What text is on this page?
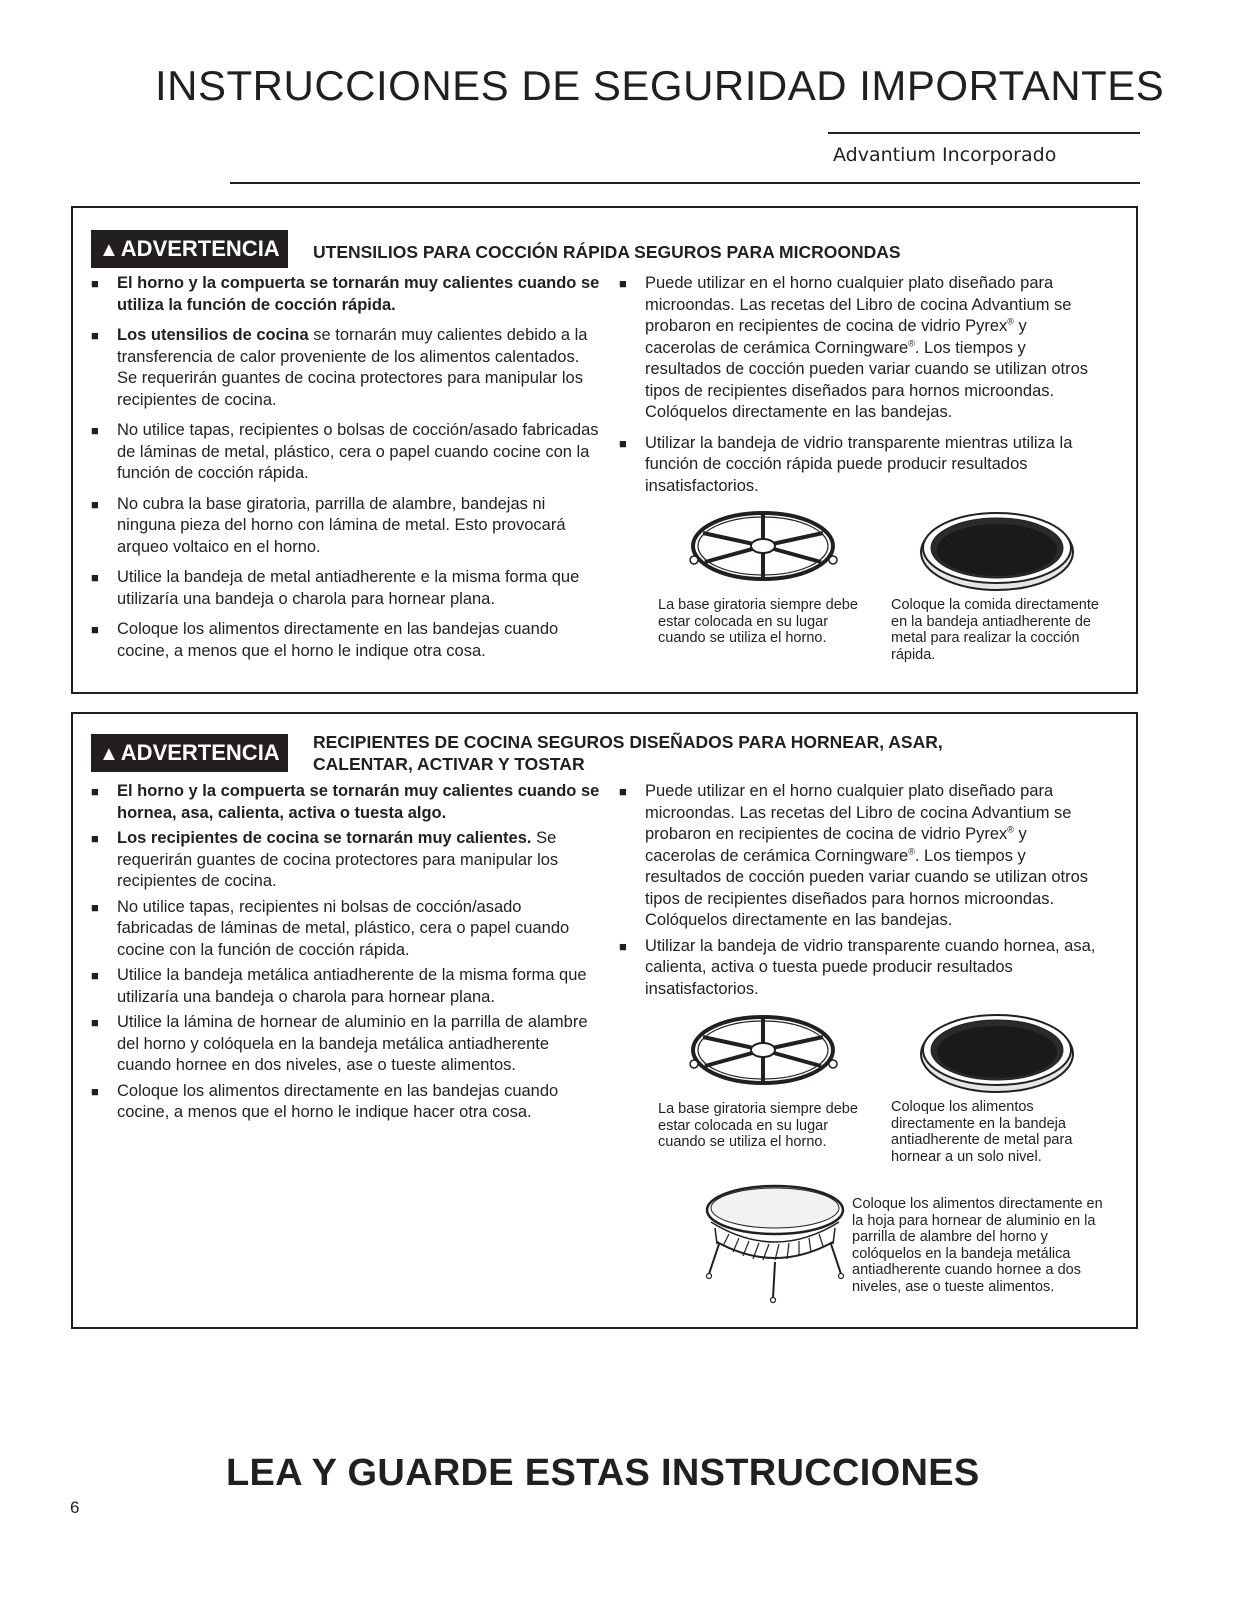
INSTRUCCIONES DE SEGURIDAD IMPORTANTES
Advantium Incorporado
▲ADVERTENCIA	UTENSILIOS PARA COCCIÓN RÁPIDA SEGUROS PARA MICROONDAS
■ El horno y la compuerta se tornarán muy calientes cuando se utiliza la función de cocción rápida.
■ Los utensilios de cocina se tornarán muy calientes debido a la transferencia de calor proveniente de los alimentos calentados. Se requerirán guantes de cocina protectores para manipular los recipientes de cocina.
■ No utilice tapas, recipientes o bolsas de cocción/asado fabricadas de láminas de metal, plástico, cera o papel cuando cocine con la función de cocción rápida.
■ No cubra la base giratoria, parrilla de alambre, bandejas ni ninguna pieza del horno con lámina de metal. Esto provocará arqueo voltaico en el horno.
■ Utilice la bandeja de metal antiadherente e la misma forma que utilizaría una bandeja o charola para hornear plana.
■ Coloque los alimentos directamente en las bandejas cuando cocine, a menos que el horno le indique otra cosa.
■ Puede utilizar en el horno cualquier plato diseñado para microondas. Las recetas del Libro de cocina Advantium se probaron en recipientes de cocina de vidrio Pyrex® y cacerolas de cerámica Corningware®. Los tiempos y resultados de cocción pueden variar cuando se utilizan otros tipos de recipientes diseñados para hornos microondas. Colóquelos directamente en las bandejas.
■ Utilizar la bandeja de vidrio transparente mientras utiliza la función de cocción rápida puede producir resultados insatisfactorios.
La base giratoria siempre debe estar colocada en su lugar cuando se utiliza el horno.
Coloque la comida directamente en la bandeja antiadherente de metal para realizar la cocción rápida.
▲ADVERTENCIA	RECIPIENTES DE COCINA SEGUROS DISEÑADOS PARA HORNEAR, ASAR,
CALENTAR, ACTIVAR Y TOSTAR
■ El horno y la compuerta se tornarán muy calientes cuando se hornea, asa, calienta, activa o tuesta algo.
■ Los recipientes de cocina se tornarán muy calientes. Se requerirán guantes de cocina protectores para manipular los recipientes de cocina.
■ No utilice tapas, recipientes ni bolsas de cocción/asado fabricadas de láminas de metal, plástico, cera o papel cuando cocine con la función de cocción rápida.
■ Utilice la bandeja metálica antiadherente de la misma forma que utilizaría una bandeja o charola para hornear plana.
■ Utilice la lámina de hornear de aluminio en la parrilla de alambre del horno y colóquela en la bandeja metálica antiadherente cuando hornee en dos niveles, ase o tueste alimentos.
■ Coloque los alimentos directamente en las bandejas cuando cocine, a menos que el horno le indique hacer otra cosa.
■ Puede utilizar en el horno cualquier plato diseñado para microondas. Las recetas del Libro de cocina Advantium se probaron en recipientes de cocina de vidrio Pyrex® y cacerolas de cerámica Corningware®. Los tiempos y resultados de cocción pueden variar cuando se utilizan otros tipos de recipientes diseñados para hornos microondas. Colóquelos directamente en las bandejas.
■ Utilizar la bandeja de vidrio transparente cuando hornea, asa, calienta, activa o tuesta puede producir resultados insatisfactorios.
La base giratoria siempre debe estar colocada en su lugar cuando se utiliza el horno.
Coloque los alimentos directamente en la bandeja antiadherente de metal para hornear a un solo nivel.
Coloque los alimentos directamente en la hoja para hornear de aluminio en la parrilla de alambre del horno y colóquelos en la bandeja metálica antiadherente cuando hornee a dos niveles, ase o tueste alimentos.
LEA Y GUARDE ESTAS INSTRUCCIONES
6
